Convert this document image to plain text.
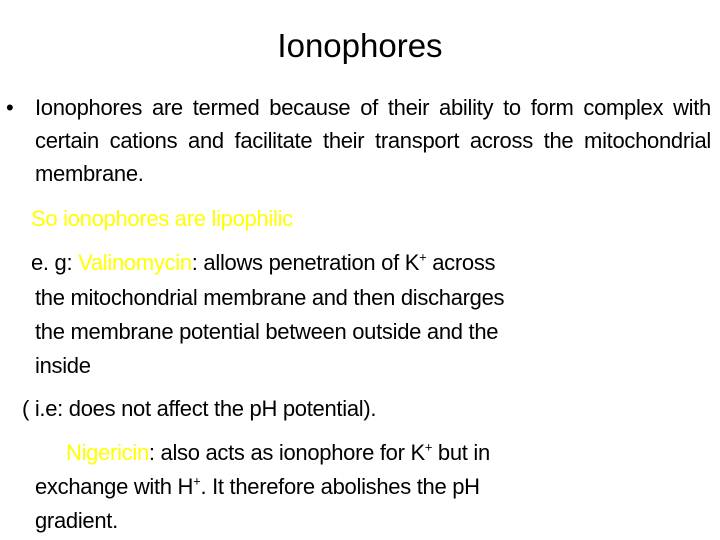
Ionophores
• Ionophores are termed because of their ability to form complex with certain cations and facilitate their transport across the mitochondrial membrane.
So ionophores are lipophilic
e. g: Valinomycin: allows penetration of K+ across
the mitochondrial membrane and then discharges
the membrane potential between outside and the
inside
( i.e: does not affect the pH potential).
Nigericin: also acts as ionophore for K+ but in
exchange with H+. It therefore abolishes the pH
gradient.
